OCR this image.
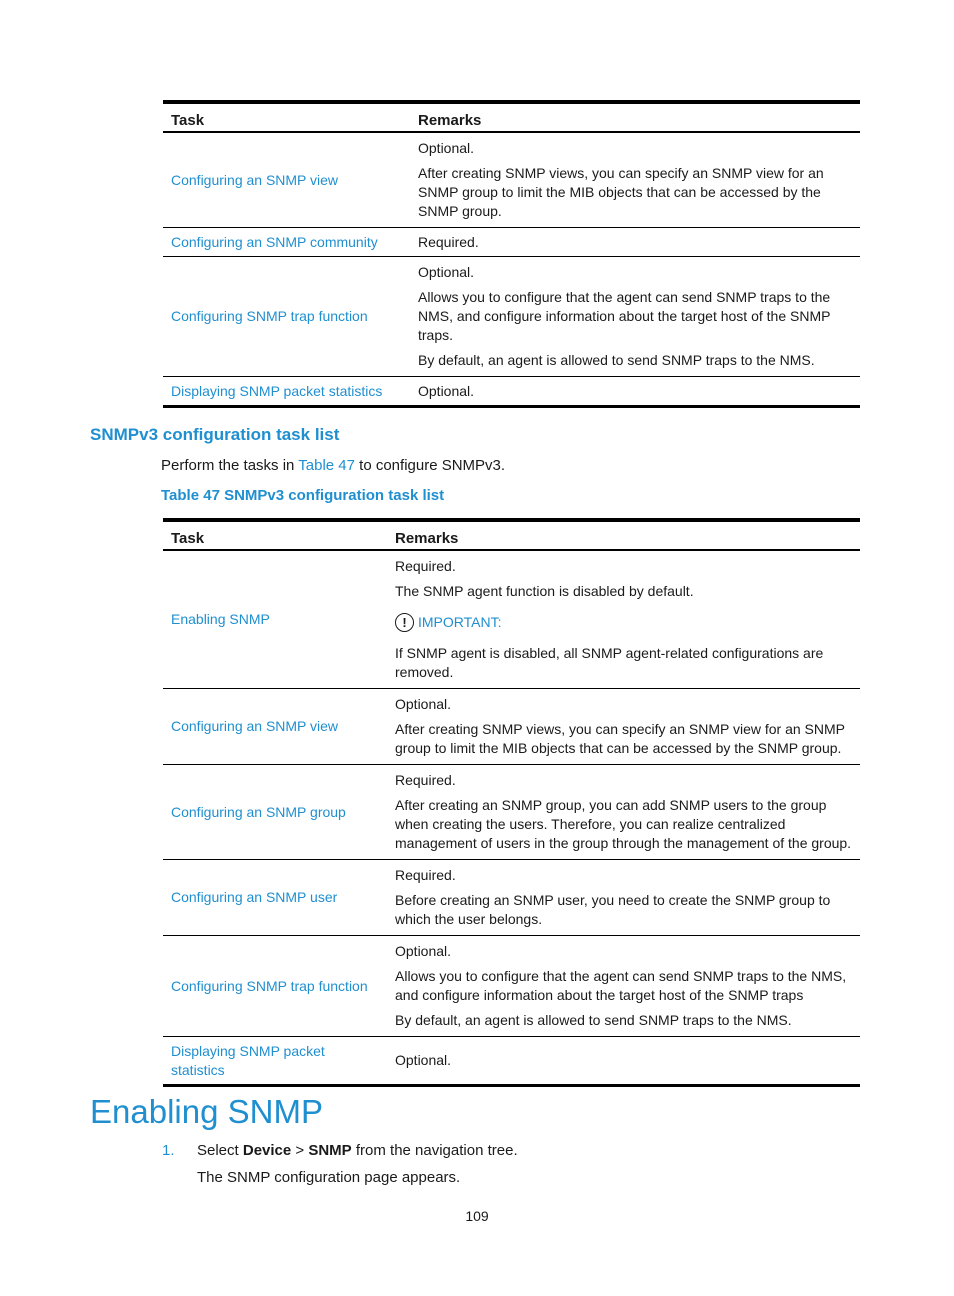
Task	Remarks
Configuring an SNMP view	Optional.

After creating SNMP views, you can specify an SNMP view for an SNMP group to limit the MIB objects that can be accessed by the SNMP group.

Configuring an SNMP community	Required.
Configuring SNMP trap function	Optional.

Allows you to configure that the agent can send SNMP traps to the NMS, and configure information about the target host of the SNMP traps.

By default, an agent is allowed to send SNMP traps to the NMS.

Displaying SNMP packet statistics	Optional.
SNMPv3 configuration task list
Perform the tasks in Table 47 to configure SNMPv3.
Table 47 SNMPv3 configuration task list
Task	Remarks
Enabling SNMP	Required.

The SNMP agent function is disabled by default.

! IMPORTANT:

If SNMP agent is disabled, all SNMP agent-related configurations are removed.

Configuring an SNMP view	Optional.

After creating SNMP views, you can specify an SNMP view for an SNMP group to limit the MIB objects that can be accessed by the SNMP group.

Configuring an SNMP group	Required.

After creating an SNMP group, you can add SNMP users to the group when creating the users. Therefore, you can realize centralized management of users in the group through the management of the group.

Configuring an SNMP user	Required.

Before creating an SNMP user, you need to create the SNMP group to which the user belongs.

Configuring SNMP trap function	Optional.

Allows you to configure that the agent can send SNMP traps to the NMS, and configure information about the target host of the SNMP traps

By default, an agent is allowed to send SNMP traps to the NMS.

Displaying SNMP packet statistics	Optional.
Enabling SNMP
1. Select Device > SNMP from the navigation tree.
The SNMP configuration page appears.
109
